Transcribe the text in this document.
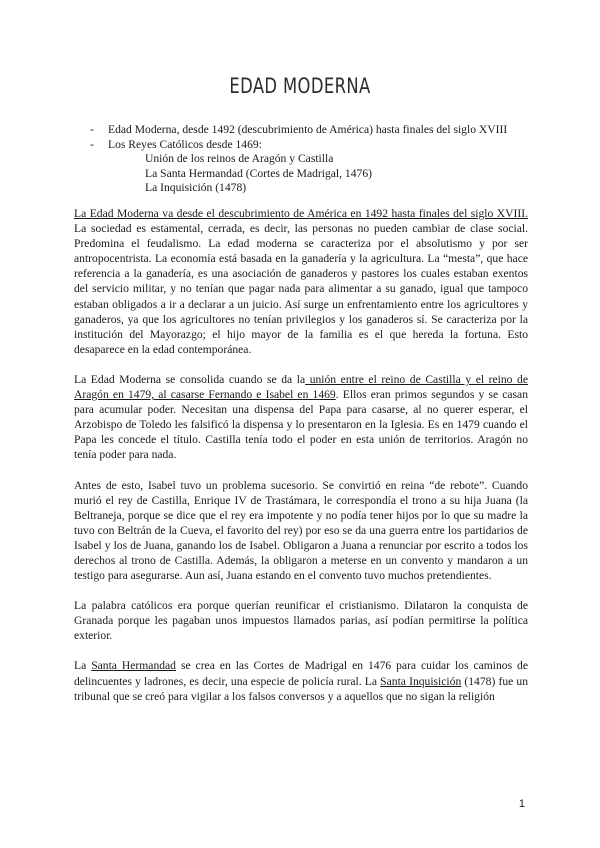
EDAD MODERNA
-	Edad Moderna, desde 1492 (descubrimiento de América) hasta finales del siglo XVIII
-	Los Reyes Católicos desde 1469:
Unión de los reinos de Aragón y Castilla
La Santa Hermandad (Cortes de Madrigal, 1476)
La Inquisición (1478)

La Edad Moderna va desde el descubrimiento de América en 1492 hasta finales del siglo XVIII. La sociedad es estamental, cerrada, es decir, las personas no pueden cambiar de clase social. Predomina el feudalismo. La edad moderna se caracteriza por el absolutismo y por ser antropocentrista. La economía está basada en la ganadería y la agricultura. La “mesta”, que hace referencia a la ganadería, es una asociación de ganaderos y pastores los cuales estaban exentos del servicio militar, y no tenían que pagar nada para alimentar a su ganado, igual que tampoco estaban obligados a ir a declarar a un juicio. Así surge un enfrentamiento entre los agricultores y ganaderos, ya que los agricultores no tenían privilegios y los ganaderos sí. Se caracteriza por la institución del Mayorazgo; el hijo mayor de la familia es el que hereda la fortuna. Esto desaparece en la edad contemporánea.

La Edad Moderna se consolida cuando se da la unión entre el reino de Castilla y el reino de Aragón en 1479, al casarse Fernando e Isabel en 1469. Ellos eran primos segundos y se casan para acumular poder. Necesitan una dispensa del Papa para casarse, al no querer esperar, el Arzobispo de Toledo les falsificó la dispensa y lo presentaron en la Iglesia. Es en 1479 cuando el Papa les concede el título. Castilla tenía todo el poder en esta unión de territorios. Aragón no tenía poder para nada.

Antes de esto, Isabel tuvo un problema sucesorio. Se convirtió en reina “de rebote”. Cuando murió el rey de Castilla, Enrique IV de Trastámara, le correspondía el trono a su hija Juana (la Beltraneja, porque se dice que el rey era impotente y no podía tener hijos por lo que su madre la tuvo con Beltrán de la Cueva, el favorito del rey) por eso se da una guerra entre los partidarios de Isabel y los de Juana, ganando los de Isabel. Obligaron a Juana a renunciar por escrito a todos los derechos al trono de Castilla. Además, la obligaron a meterse en un convento y mandaron a un testigo para asegurarse. Aun así, Juana estando en el convento tuvo muchos pretendientes.

La palabra católicos era porque querían reunificar el cristianismo. Dilataron la conquista de Granada porque les pagaban unos impuestos llamados parias, así podían permitirse la política exterior.

La Santa Hermandad se crea en las Cortes de Madrigal en 1476 para cuidar los caminos de delincuentes y ladrones, es decir, una especie de policía rural. La Santa Inquisición (1478) fue un tribunal que se creó para vigilar a los falsos conversos y a aquellos que no sigan la religión

1
